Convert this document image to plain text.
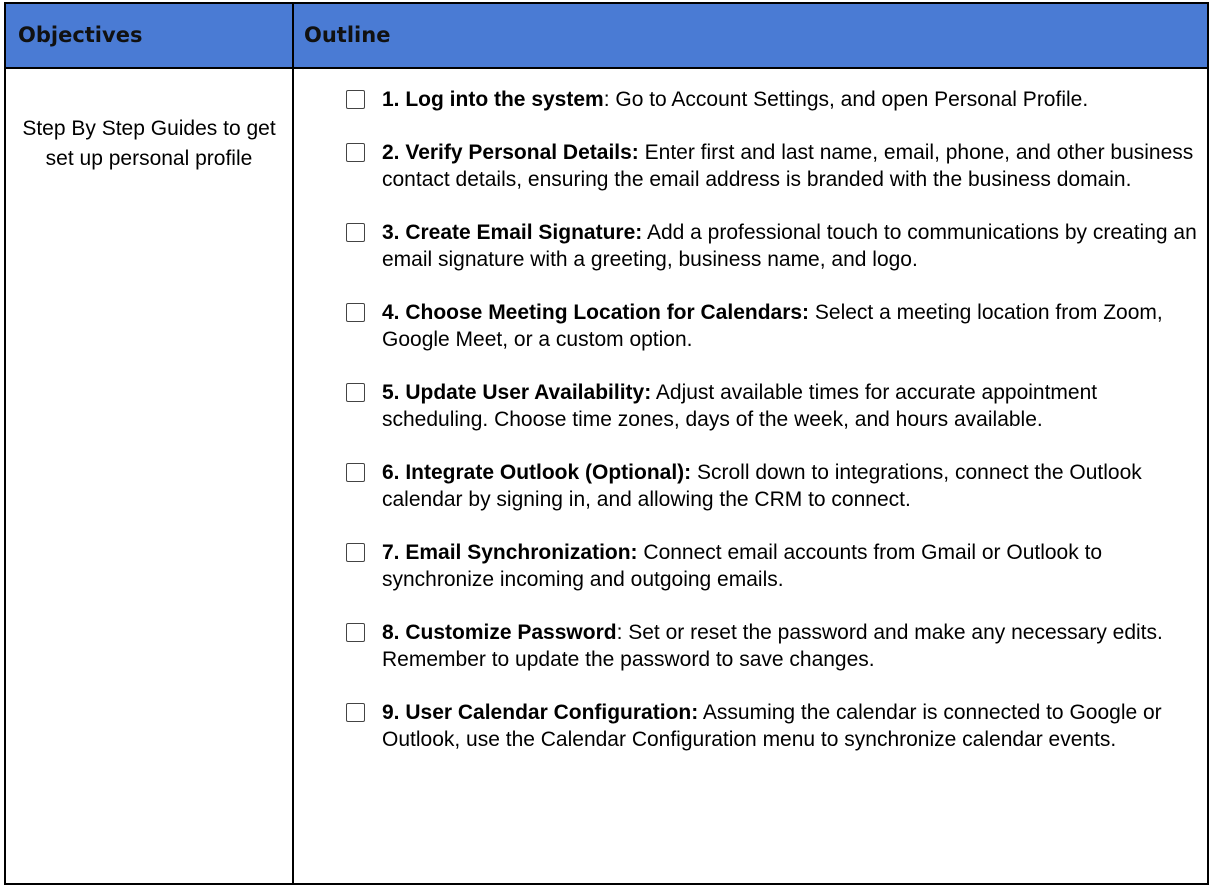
Objectives	Outline
Step By Step Guides to get set up personal profile
1. Log into the system: Go to Account Settings, and open Personal Profile.
2. Verify Personal Details: Enter first and last name, email, phone, and other business contact details, ensuring the email address is branded with the business domain.
3. Create Email Signature: Add a professional touch to communications by creating an email signature with a greeting, business name, and logo.
4. Choose Meeting Location for Calendars: Select a meeting location from Zoom, Google Meet, or a custom option.
5. Update User Availability: Adjust available times for accurate appointment scheduling. Choose time zones, days of the week, and hours available.
6. Integrate Outlook (Optional): Scroll down to integrations, connect the Outlook calendar by signing in, and allowing the CRM to connect.
7. Email Synchronization: Connect email accounts from Gmail or Outlook to synchronize incoming and outgoing emails.
8. Customize Password: Set or reset the password and make any necessary edits. Remember to update the password to save changes.
9. User Calendar Configuration: Assuming the calendar is connected to Google or Outlook, use the Calendar Configuration menu to synchronize calendar events.
